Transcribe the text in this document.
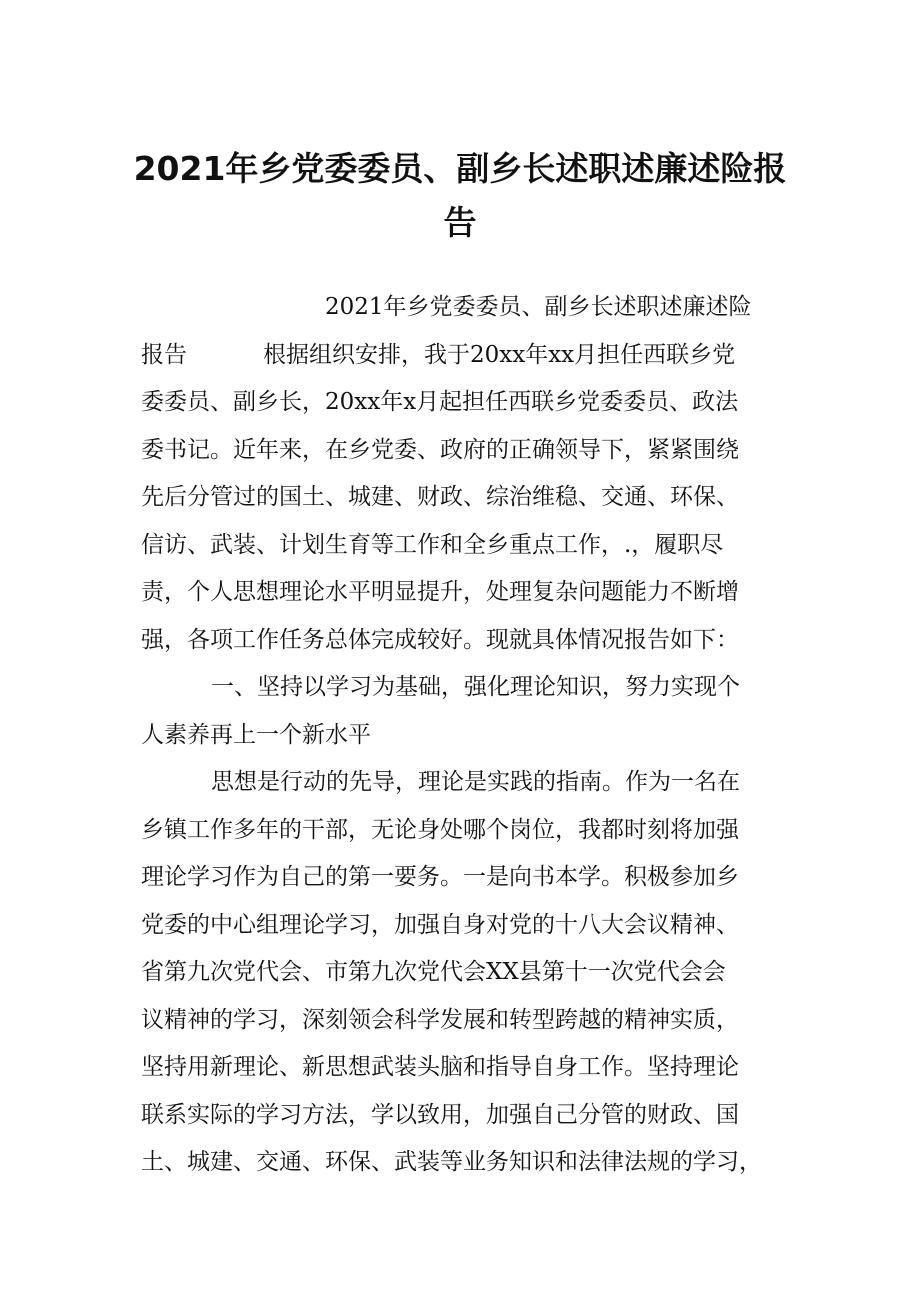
2021年乡党委委员、副乡长述职述廉述险报告
2021年乡党委委员、副乡长述职述廉述险
报告	根据组织安排，我于20xx年xx月担任西联乡党
委委员、副乡长，20xx年x月起担任西联乡党委委员、政法
委书记。近年来，在乡党委、政府的正确领导下，紧紧围绕
先后分管过的国土、城建、财政、综治维稳、交通、环保、
信访、武装、计划生育等工作和全乡重点工作，.，履职尽
责，个人思想理论水平明显提升，处理复杂问题能力不断增
强，各项工作任务总体完成较好。现就具体情况报告如下：
一、坚持以学习为基础，强化理论知识，努力实现个
人素养再上一个新水平
思想是行动的先导，理论是实践的指南。作为一名在
乡镇工作多年的干部，无论身处哪个岗位，我都时刻将加强
理论学习作为自己的第一要务。一是向书本学。积极参加乡
党委的中心组理论学习，加强自身对党的十八大会议精神、
省第九次党代会、市第九次党代会XX县第十一次党代会会
议精神的学习，深刻领会科学发展和转型跨越的精神实质，
坚持用新理论、新思想武装头脑和指导自身工作。坚持理论
联系实际的学习方法，学以致用，加强自己分管的财政、国
土、城建、交通、环保、武装等业务知识和法律法规的学习，
